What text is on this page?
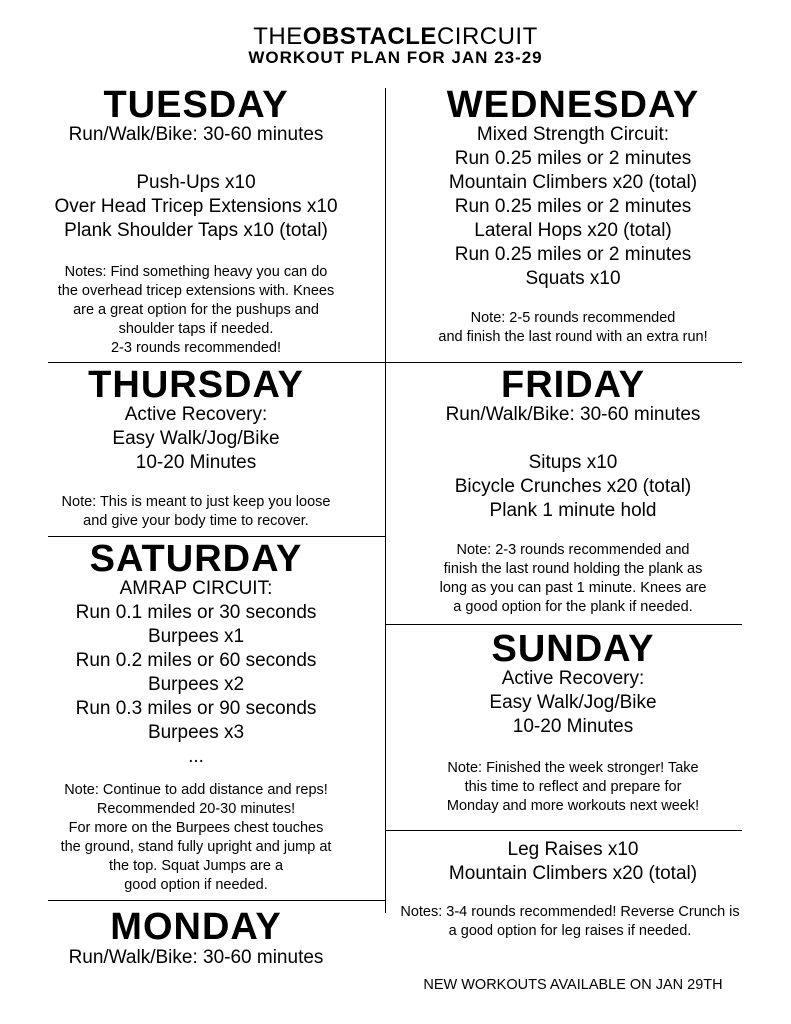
THEOBSTACLECIRCUIT
WORKOUT PLAN FOR JAN 23-29
TUESDAY
Run/Walk/Bike: 30-60 minutes
Push-Ups x10
Over Head Tricep Extensions x10
Plank Shoulder Taps x10 (total)
Notes: Find something heavy you can do
the overhead tricep extensions with. Knees
are a great option for the pushups and
shoulder taps if needed.
2-3 rounds recommended!
WEDNESDAY
Mixed Strength Circuit:
Run 0.25 miles or 2 minutes
Mountain Climbers x20 (total)
Run 0.25 miles or 2 minutes
Lateral Hops x20 (total)
Run 0.25 miles or 2 minutes
Squats x10
Note: 2-5 rounds recommended
and finish the last round with an extra run!
THURSDAY
Active Recovery:
Easy Walk/Jog/Bike
10-20 Minutes
Note: This is meant to just keep you loose
and give your body time to recover.
FRIDAY
Run/Walk/Bike: 30-60 minutes
Situps x10
Bicycle Crunches x20 (total)
Plank 1 minute hold
Note: 2-3 rounds recommended and
finish the last round holding the plank as
long as you can past 1 minute. Knees are
a good option for the plank if needed.
SATURDAY
AMRAP CIRCUIT:
Run 0.1 miles or 30 seconds
Burpees x1
Run 0.2 miles or 60 seconds
Burpees x2
Run 0.3 miles or 90 seconds
Burpees x3
...
Note: Continue to add distance and reps!
Recommended 20-30 minutes!
For more on the Burpees chest touches
the ground, stand fully upright and jump at
the top. Squat Jumps are a
good option if needed.
SUNDAY
Active Recovery:
Easy Walk/Jog/Bike
10-20 Minutes
Note: Finished the week stronger! Take
this time to reflect and prepare for
Monday and more workouts next week!
Leg Raises x10
Mountain Climbers x20 (total)
Notes: 3-4 rounds recommended! Reverse Crunch is
a good option for leg raises if needed.
MONDAY
Run/Walk/Bike: 30-60 minutes
NEW WORKOUTS AVAILABLE ON JAN 29TH
